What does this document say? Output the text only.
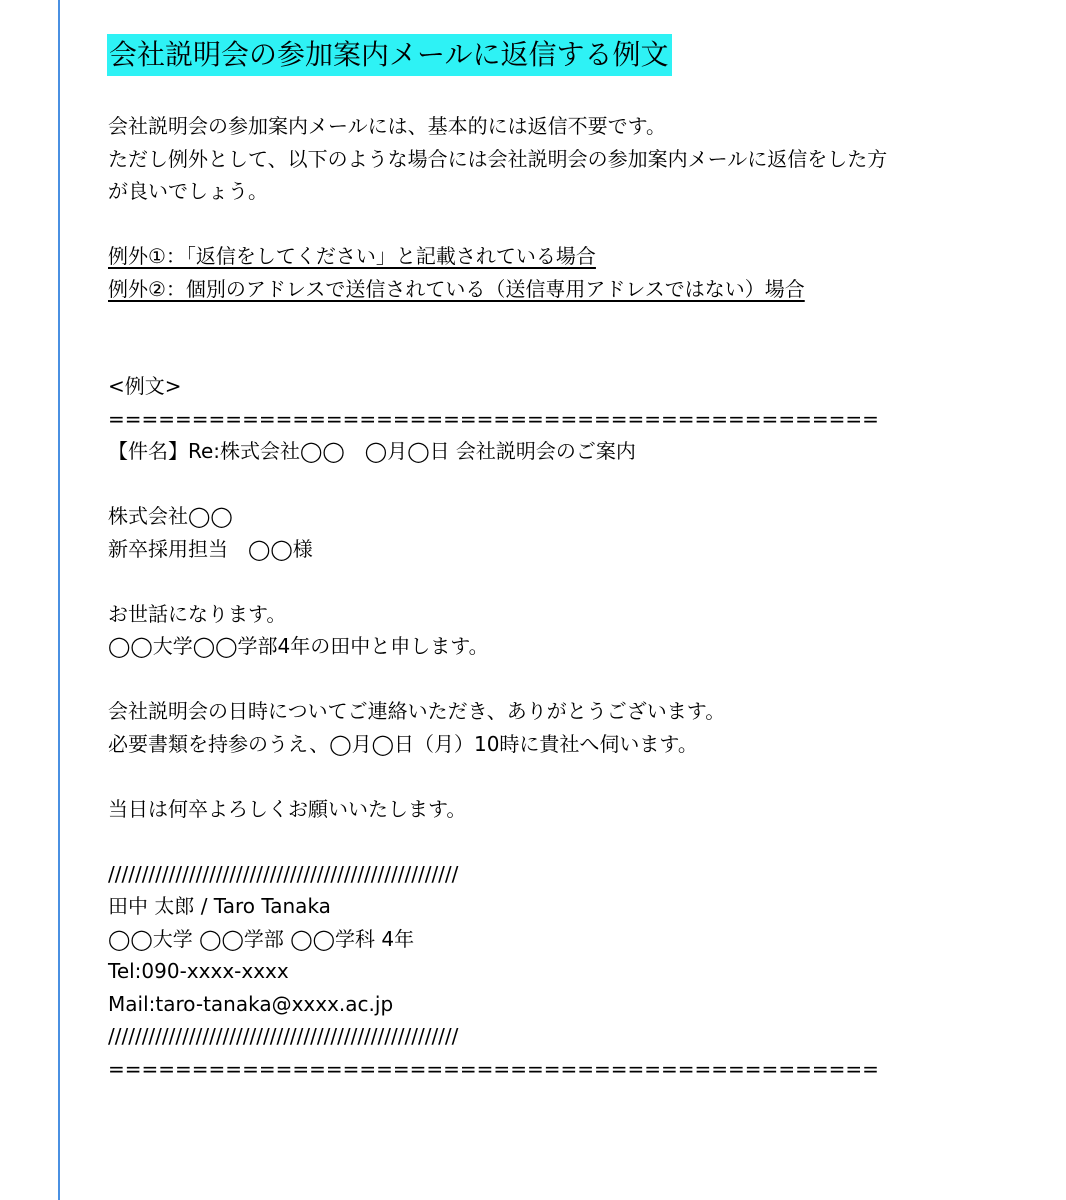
会社説明会の参加案内メールに返信する例文
会社説明会の参加案内メールには、基本的には返信不要です。
ただし例外として、以下のような場合には会社説明会の参加案内メールに返信をした方
が良いでしょう。
例外①：「返信をしてください」と記載されている場合
例外②：個別のアドレスで送信されている（送信専用アドレスではない）場合
<例文>
==============================================
【件名】Re:株式会社◯◯　◯月◯日 会社説明会のご案内
株式会社◯◯
新卒採用担当　◯◯様
お世話になります。
◯◯大学◯◯学部4年の田中と申します。
会社説明会の日時についてご連絡いただき、ありがとうございます。
必要書類を持参のうえ、◯月◯日（月）10時に貴社へ伺います。
当日は何卒よろしくお願いいたします。
////////////////////////////////////////////////////
田中 太郎 / Taro Tanaka
◯◯大学 ◯◯学部 ◯◯学科 4年
Tel:090-xxxx-xxxx
Mail:taro-tanaka@xxxx.ac.jp
////////////////////////////////////////////////////
==============================================
